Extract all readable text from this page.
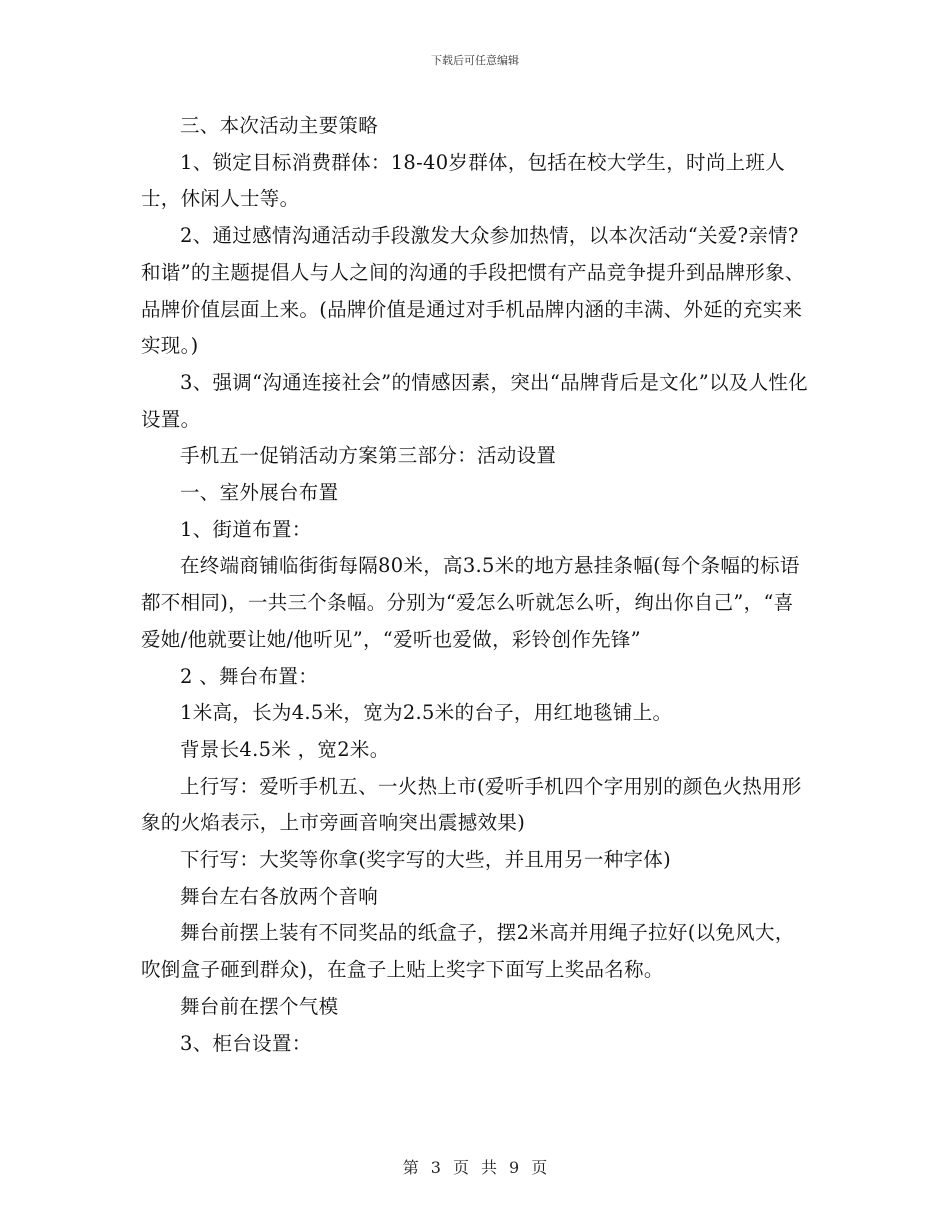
下载后可任意编辑

三、本次活动主要策略

1、锁定目标消费群体：18-40岁群体，包括在校大学生，时尚上班人士，休闲人士等。

2、通过感情沟通活动手段激发大众参加热情，以本次活动“关爱?亲情?和谐”的主题提倡人与人之间的沟通的手段把惯有产品竞争提升到品牌形象、品牌价值层面上来。(品牌价值是通过对手机品牌内涵的丰满、外延的充实来实现。)

3、强调“沟通连接社会”的情感因素，突出“品牌背后是文化”以及人性化设置。

手机五一促销活动方案第三部分：活动设置

一、室外展台布置

1、街道布置：

在终端商铺临街街每隔80米，高3.5米的地方悬挂条幅(每个条幅的标语都不相同)，一共三个条幅。分别为“爱怎么听就怎么听，绚出你自己”，“喜爱她/他就要让她/他听见”，“爱听也爱做，彩铃创作先锋”

2 、舞台布置：

1米高，长为4.5米，宽为2.5米的台子，用红地毯铺上。

背景长4.5米 ，宽2米。

上行写：爱听手机五、一火热上市(爱听手机四个字用别的颜色火热用形象的火焰表示，上市旁画音响突出震撼效果)

下行写：大奖等你拿(奖字写的大些，并且用另一种字体)

舞台左右各放两个音响

舞台前摆上装有不同奖品的纸盒子，摆2米高并用绳子拉好(以免风大，吹倒盒子砸到群众)，在盒子上贴上奖字下面写上奖品名称。

舞台前在摆个气模

3、柜台设置：

第 3 页 共 9 页
